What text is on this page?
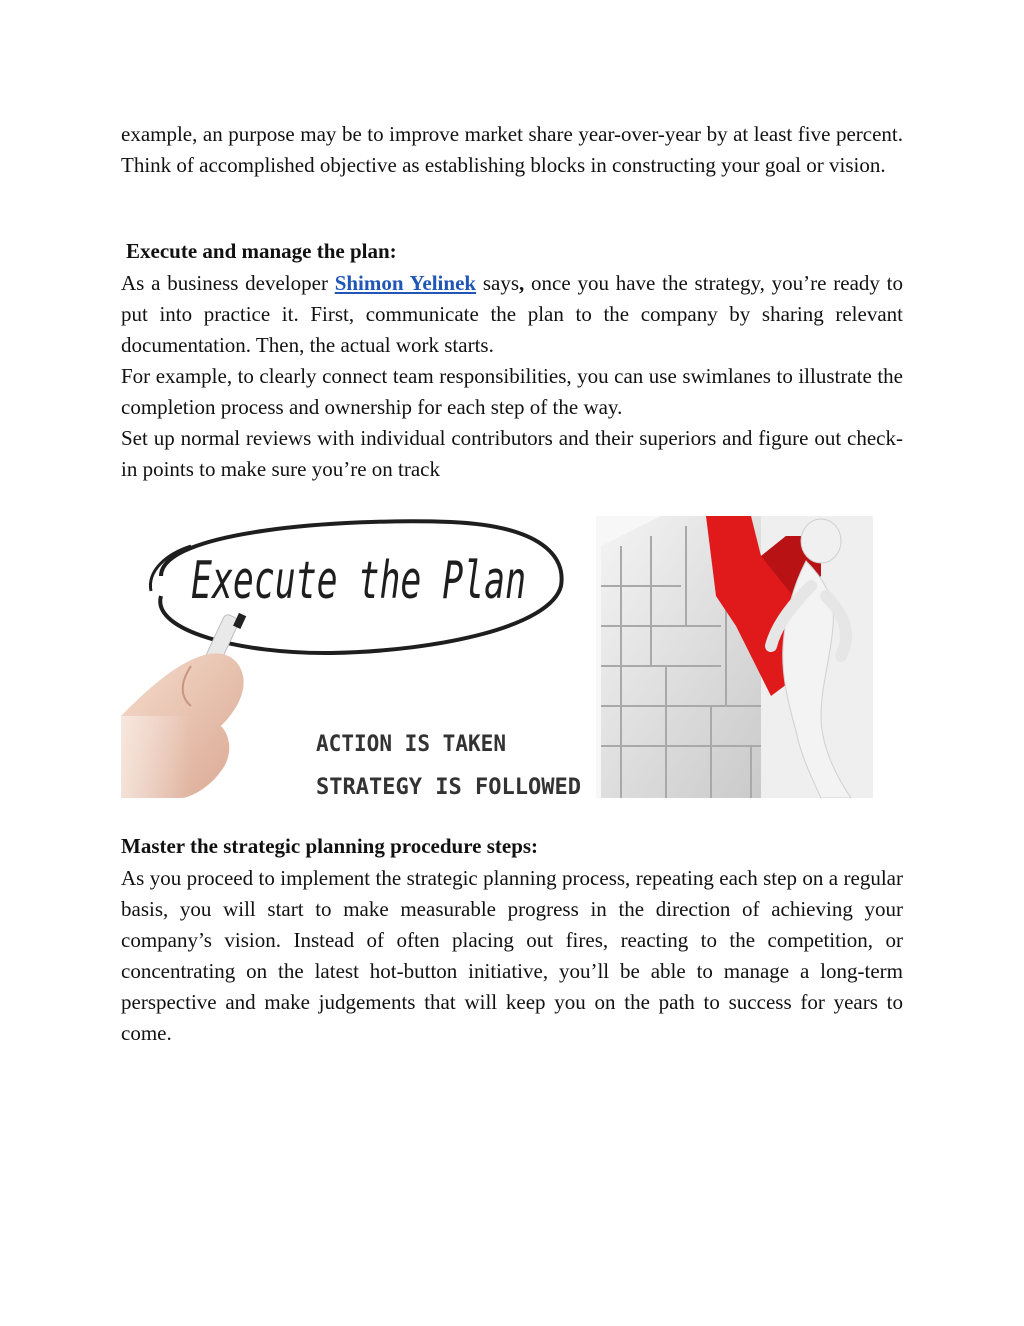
example, an purpose may be to improve market share year-over-year by at least five percent. Think of accomplished objective as establishing blocks in constructing your goal or vision.

Execute and manage the plan:

As a business developer Shimon Yelinek says, once you have the strategy, you’re ready to put into practice it. First, communicate the plan to the company by sharing relevant documentation. Then, the actual work starts.

For example, to clearly connect team responsibilities, you can use swimlanes to illustrate the completion process and ownership for each step of the way.

Set up normal reviews with individual contributors and their superiors and figure out check-in points to make sure you’re on track

Execute the Plan
ACTION IS TAKEN
STRATEGY IS FOLLOWED

Master the strategic planning procedure steps:

As you proceed to implement the strategic planning process, repeating each step on a regular basis, you will start to make measurable progress in the direction of achieving your company’s vision. Instead of often placing out fires, reacting to the competition, or concentrating on the latest hot-button initiative, you’ll be able to manage a long-term perspective and make judgements that will keep you on the path to success for years to come.
